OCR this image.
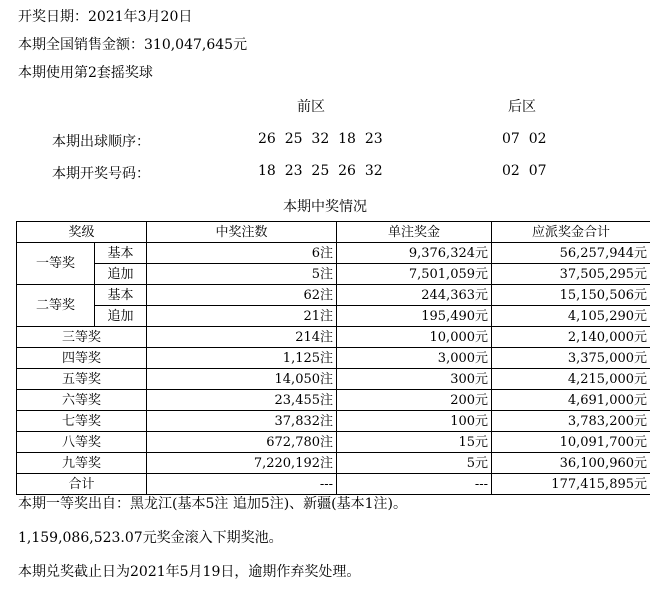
开奖日期：2021年3月20日
本期全国销售金额：310,047,645元
本期使用第2套摇奖球
前区	后区
本期出球顺序：	26  25  32  18  23	07  02
本期开奖号码：	18  23  25  26  32	02  07
本期中奖情况
奖级		中奖注数	单注奖金	应派奖金合计
一等奖	基本	6注	9,376,324元	56,257,944元
	追加	5注	7,501,059元	37,505,295元
二等奖	基本	62注	244,363元	15,150,506元
	追加	21注	195,490元	4,105,290元
三等奖		214注	10,000元	2,140,000元
四等奖		1,125注	3,000元	3,375,000元
五等奖		14,050注	300元	4,215,000元
六等奖		23,455注	200元	4,691,000元
七等奖		37,832注	100元	3,783,200元
八等奖		672,780注	15元	10,091,700元
九等奖		7,220,192注	5元	36,100,960元
合计		---	---	177,415,895元
本期一等奖出自：黑龙江(基本5注 追加5注)、新疆(基本1注)。
1,159,086,523.07元奖金滚入下期奖池。
本期兑奖截止日为2021年5月19日，逾期作弃奖处理。
